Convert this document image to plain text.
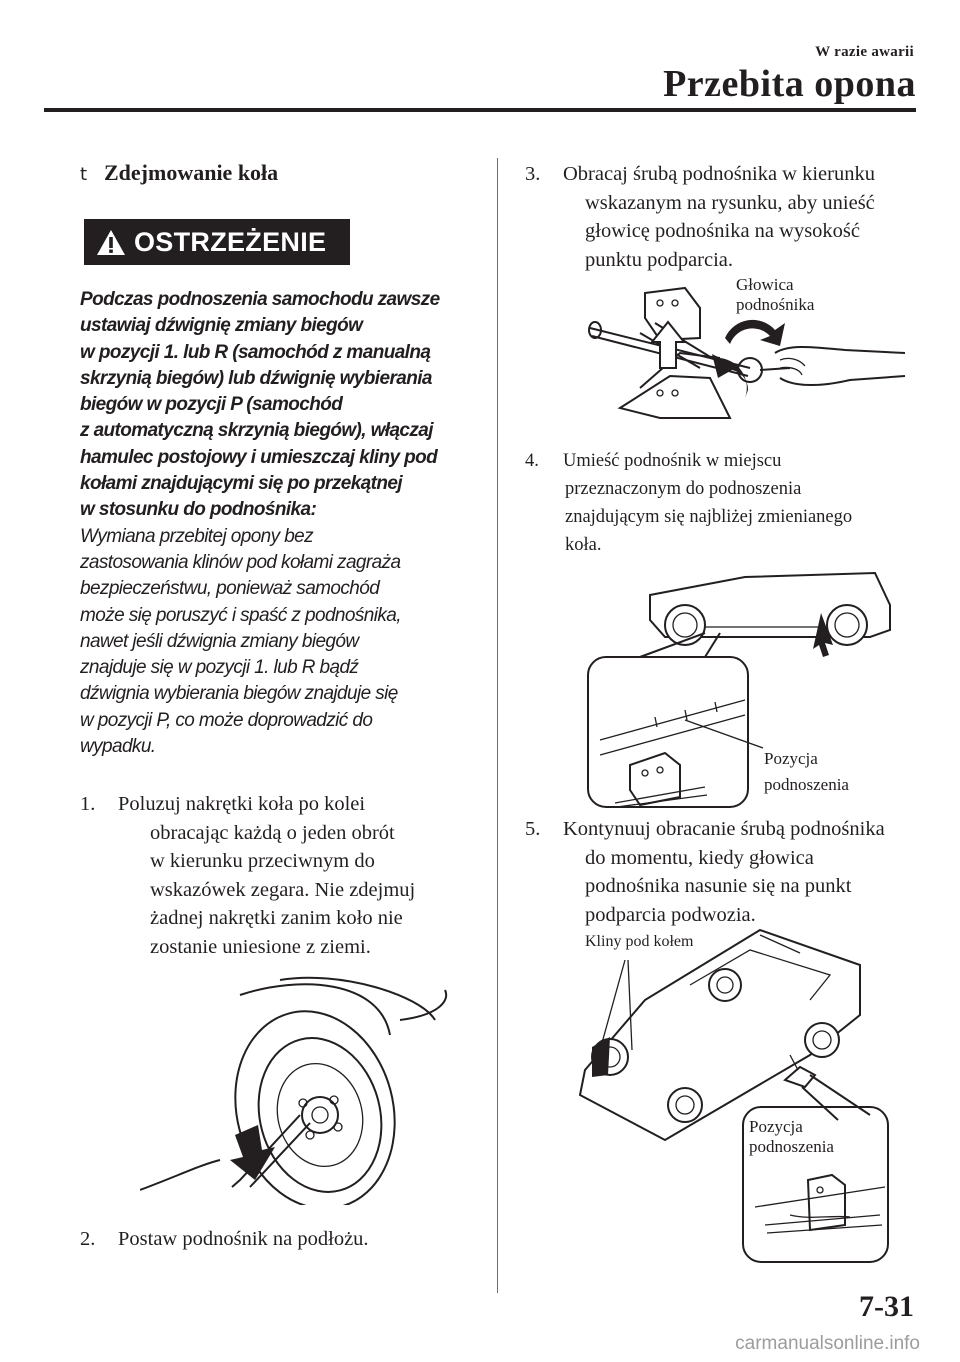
W razie awarii
Przebita opona
t Zdejmowanie koła
OSTRZEŻENIE
Podczas podnoszenia samochodu zawsze
ustawiaj dźwignię zmiany biegów
w pozycji 1. lub R (samochód z manualną
skrzynią biegów) lub dźwignię wybierania
biegów w pozycji P (samochód
z automatyczną skrzynią biegów), włączaj
hamulec postojowy i umieszczaj kliny pod
kołami znajdującymi się po przekątnej
w stosunku do podnośnika:
Wymiana przebitej opony bez
zastosowania klinów pod kołami zagraża
bezpieczeństwu, ponieważ samochód
może się poruszyć i spaść z podnośnika,
nawet jeśli dźwignia zmiany biegów
znajduje się w pozycji 1. lub R bądź
dźwignia wybierania biegów znajduje się
w pozycji P, co może doprowadzić do
wypadku.
1. Poluzuj nakrętki koła po kolei
obracając każdą o jeden obrót
w kierunku przeciwnym do
wskazówek zegara. Nie zdejmuj
żadnej nakrętki zanim koło nie
zostanie uniesione z ziemi.
2. Postaw podnośnik na podłożu.
3. Obracaj śrubą podnośnika w kierunku
wskazanym na rysunku, aby unieść
głowicę podnośnika na wysokość
punktu podparcia.
Głowica
podnośnika
4. Umieść podnośnik w miejscu
przeznaczonym do podnoszenia
znajdującym się najbliżej zmienianego
koła.
Pozycja
podnoszenia
5. Kontynuuj obracanie śrubą podnośnika
do momentu, kiedy głowica
podnośnika nasunie się na punkt
podparcia podwozia.
Kliny pod kołem
Pozycja
podnoszenia
7-31
carmanualsonline.info
